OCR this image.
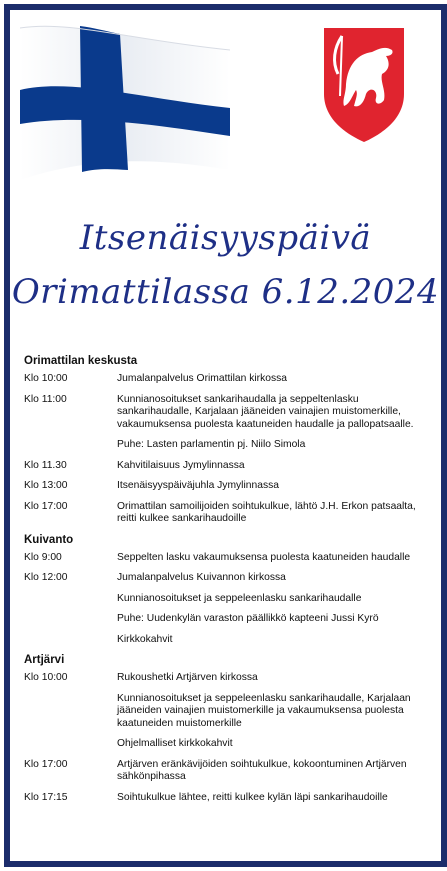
Itsenäisyyspäivä
Orimattilassa 6.12.2024
Orimattilan keskusta
Klo 10:00	Jumalanpalvelus Orimattilan kirkossa
Klo 11:00	Kunnianosoitukset sankarihaudalla ja seppeltenlasku sankarihaudalle, Karjalaan jääneiden vainajien muistomerkille, vakaumuksensa puolesta kaatuneiden haudalle ja pallopatsaalle.
Puhe: Lasten parlamentin pj. Niilo Simola
Klo 11.30	Kahvitilaisuus Jymylinnassa
Klo 13:00	Itsenäisyyspäiväjuhla Jymylinnassa
Klo 17:00	Orimattilan samoilijoiden soihtukulkue, lähtö J.H. Erkon patsaalta, reitti kulkee sankarihaudoille
Kuivanto
Klo 9:00	Seppelten lasku vakaumuksensa puolesta kaatuneiden haudalle
Klo 12:00	Jumalanpalvelus Kuivannon kirkossa
Kunnianosoitukset ja seppeleenlasku sankarihaudalle
Puhe: Uudenkylän varaston päällikkö kapteeni Jussi Kyrö
Kirkkokahvit
Artjärvi
Klo 10:00	Rukoushetki Artjärven kirkossa
Kunnianosoitukset ja seppeleenlasku sankarihaudalle, Karjalaan jääneiden vainajien muistomerkille ja vakaumuksensa puolesta kaatuneiden muistomerkille
Ohjelmalliset kirkkokahvit
Klo 17:00	Artjärven eränkävijöiden soihtukulkue, kokoontuminen Artjärven sähkönpihassa
Klo 17:15	Soihtukulkue lähtee, reitti kulkee kylän läpi sankarihaudoille
